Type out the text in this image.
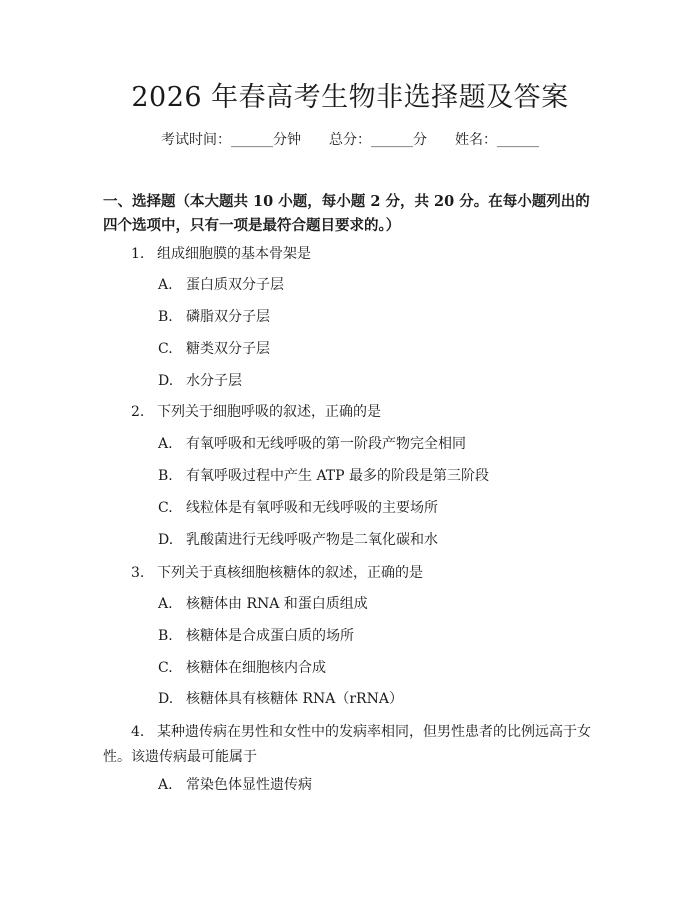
2026 年春高考生物非选择题及答案
考试时间：______分钟 总分：______分 姓名：______
一、选择题（本大题共 10 小题，每小题 2 分，共 20 分。在每小题列出的四个选项中，只有一项是最符合题目要求的。）
1. 组成细胞膜的基本骨架是
A. 蛋白质双分子层
B. 磷脂双分子层
C. 糖类双分子层
D. 水分子层
2. 下列关于细胞呼吸的叙述，正确的是
A. 有氧呼吸和无线呼吸的第一阶段产物完全相同
B. 有氧呼吸过程中产生 ATP 最多的阶段是第三阶段
C. 线粒体是有氧呼吸和无线呼吸的主要场所
D. 乳酸菌进行无线呼吸产物是二氧化碳和水
3. 下列关于真核细胞核糖体的叙述，正确的是
A. 核糖体由 RNA 和蛋白质组成
B. 核糖体是合成蛋白质的场所
C. 核糖体在细胞核内合成
D. 核糖体具有核糖体 RNA（rRNA）
4. 某种遗传病在男性和女性中的发病率相同，但男性患者的比例远高于女性。该遗传病最可能属于
A. 常染色体显性遗传病
